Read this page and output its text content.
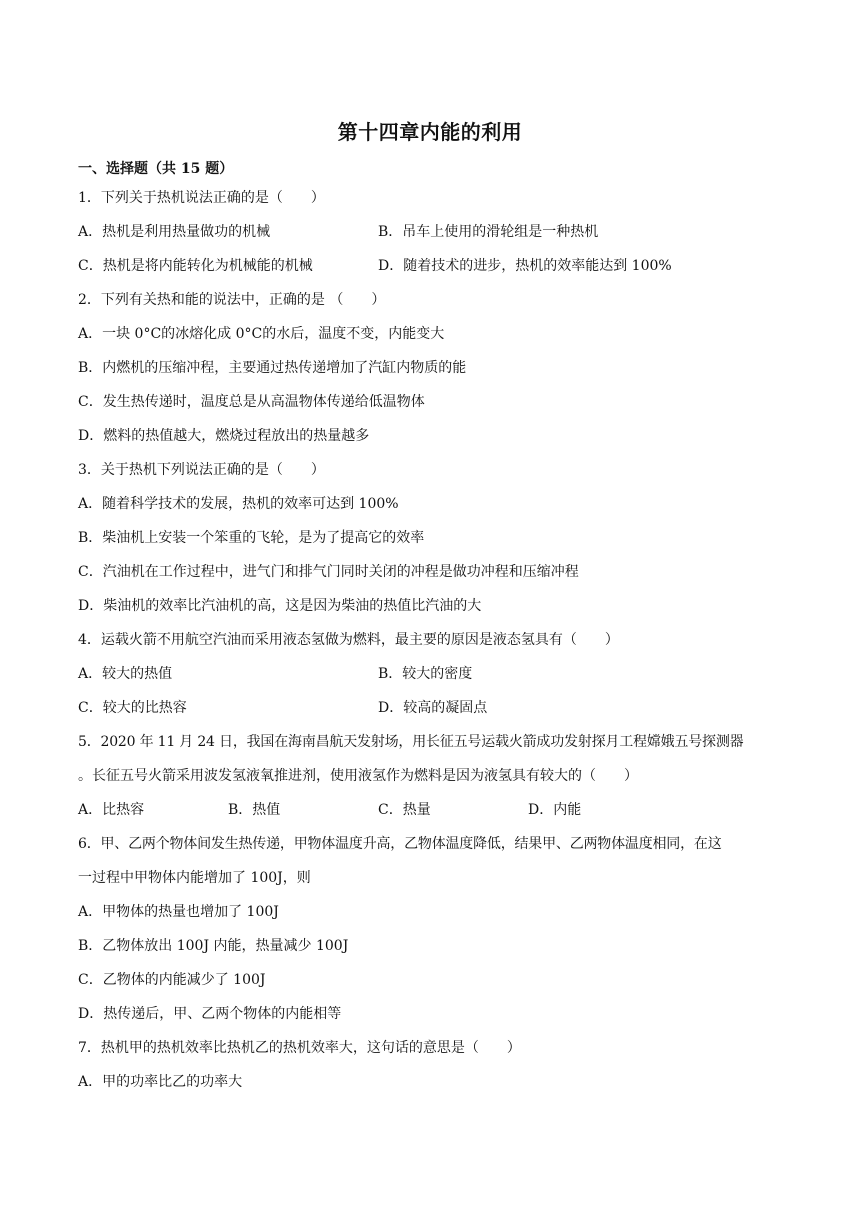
第十四章内能的利用
一、选择题（共 15 题）
1．下列关于热机说法正确的是（　　）
A．热机是利用热量做功的机械	B．吊车上使用的滑轮组是一种热机
C．热机是将内能转化为机械能的机械	D．随着技术的进步，热机的效率能达到 100%
2．下列有关热和能的说法中，正确的是 （　　）
A．一块 0°C的冰熔化成 0°C的水后，温度不变，内能变大
B．内燃机的压缩冲程，主要通过热传递增加了汽缸内物质的能
C．发生热传递时，温度总是从高温物体传递给低温物体
D．燃料的热值越大，燃烧过程放出的热量越多
3．关于热机下列说法正确的是（　　）
A．随着科学技术的发展，热机的效率可达到 100%
B．柴油机上安装一个笨重的飞轮，是为了提高它的效率
C．汽油机在工作过程中，进气门和排气门同时关闭的冲程是做功冲程和压缩冲程
D．柴油机的效率比汽油机的高，这是因为柴油的热值比汽油的大
4．运载火箭不用航空汽油而采用液态氢做为燃料，最主要的原因是液态氢具有（　　）
A．较大的热值	B．较大的密度
C．较大的比热容	D．较高的凝固点
5．2020 年 11 月 24 日，我国在海南昌航天发射场，用长征五号运载火箭成功发射探月工程嫦娥五号探测器
。长征五号火箭采用波发氢液氧推进剂，使用液氢作为燃料是因为液氢具有较大的（　　）
A．比热容	B．热值	C．热量	D．内能
6．甲、乙两个物体间发生热传递，甲物体温度升高，乙物体温度降低，结果甲、乙两物体温度相同，在这
一过程中甲物体内能增加了 100J，则
A．甲物体的热量也增加了 100J
B．乙物体放出 100J 内能，热量减少 100J
C．乙物体的内能减少了 100J
D．热传递后，甲、乙两个物体的内能相等
7．热机甲的热机效率比热机乙的热机效率大，这句话的意思是（　　）
A．甲的功率比乙的功率大
